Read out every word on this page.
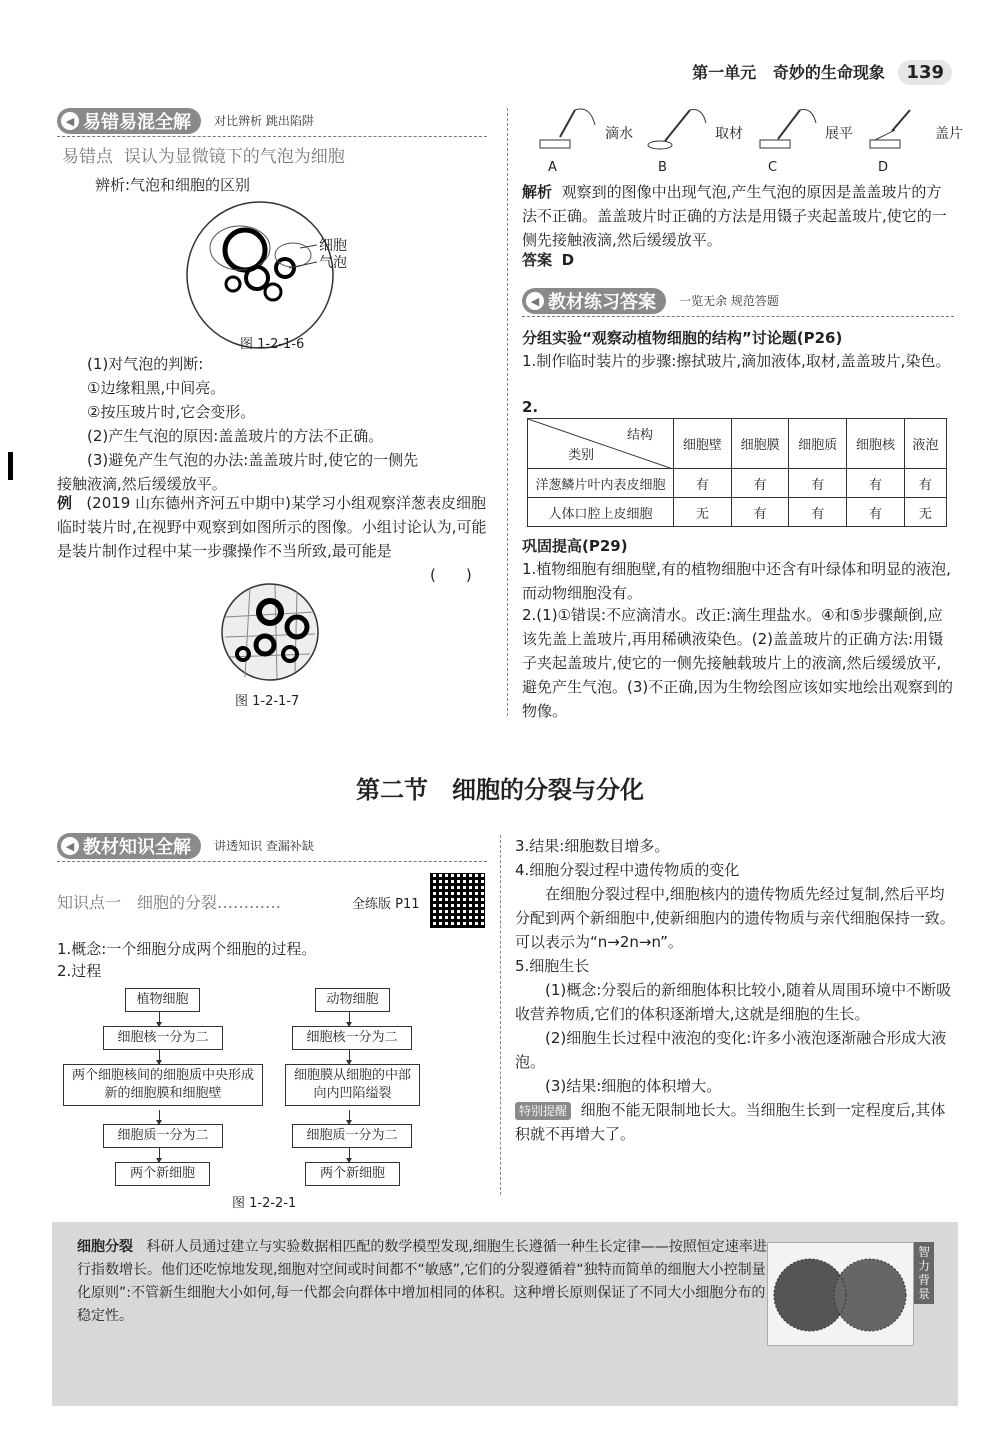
第一单元 奇妙的生命现象 139
◀ 易错易混全解 对比辨析 跳出陷阱
易错点 误认为显微镜下的气泡为细胞
辨析:气泡和细胞的区别
细胞
气泡
图 1-2-1-6
(1)对气泡的判断:
①边缘粗黑,中间亮。
②按压玻片时,它会变形。
(2)产生气泡的原因:盖盖玻片的方法不正确。
(3)避免产生气泡的办法:盖盖玻片时,使它的一侧先
接触液滴,然后缓缓放平。
例 (2019 山东德州齐河五中期中)某学习小组观察洋葱表皮细胞临时装片时,在视野中观察到如图所示的图像。小组讨论认为,可能是装片制作过程中某一步骤操作不当所致,最可能是
(　　)
图 1-2-1-7
滴水
A
取材
B
展平
C
盖片
D
解析 观察到的图像中出现气泡,产生气泡的原因是盖盖玻片的方法不正确。盖盖玻片时正确的方法是用镊子夹起盖玻片,使它的一侧先接触液滴,然后缓缓放平。
答案 D
◀ 教材练习答案 一览无余 规范答题
分组实验“观察动植物细胞的结构”讨论题(P26)
1.制作临时装片的步骤:擦拭玻片,滴加液体,取材,盖盖玻片,染色。
2.
结构
类别	细胞壁	细胞膜	细胞质	细胞核	液泡
洋葱鳞片叶内表皮细胞	有	有	有	有	有
人体口腔上皮细胞	无	有	有	有	无
巩固提高(P29)
1.植物细胞有细胞壁,有的植物细胞中还含有叶绿体和明显的液泡,而动物细胞没有。
2.(1)①错误:不应滴清水。改正:滴生理盐水。④和⑤步骤颠倒,应该先盖上盖玻片,再用稀碘液染色。(2)盖盖玻片的正确方法:用镊子夹起盖玻片,使它的一侧先接触载玻片上的液滴,然后缓缓放平,避免产生气泡。(3)不正确,因为生物绘图应该如实地绘出观察到的物像。
第二节　细胞的分裂与分化
◀ 教材知识全解 讲透知识 查漏补缺
知识点一　细胞的分裂…………	全练版 P11
1.概念:一个细胞分成两个细胞的过程。
2.过程
植物细胞
细胞核一分为二
两个细胞核间的细胞质中央形成新的细胞膜和细胞壁
细胞质一分为二
两个新细胞
动物细胞
细胞核一分为二
细胞膜从细胞的中部向内凹陷缢裂
细胞质一分为二
两个新细胞
图 1-2-2-1
3.结果:细胞数目增多。
4.细胞分裂过程中遗传物质的变化
在细胞分裂过程中,细胞核内的遗传物质先经过复制,然后平均分配到两个新细胞中,使新细胞内的遗传物质与亲代细胞保持一致。可以表示为“n→2n→n”。
5.细胞生长
(1)概念:分裂后的新细胞体积比较小,随着从周围环境中不断吸收营养物质,它们的体积逐渐增大,这就是细胞的生长。
(2)细胞生长过程中液泡的变化:许多小液泡逐渐融合形成大液泡。
(3)结果:细胞的体积增大。
特别提醒 细胞不能无限制地长大。当细胞生长到一定程度后,其体积就不再增大了。
细胞分裂 科研人员通过建立与实验数据相匹配的数学模型发现,细胞生长遵循一种生长定律——按照恒定速率进行指数增长。他们还吃惊地发现,细胞对空间或时间都不“敏感”,它们的分裂遵循着“独特而简单的细胞大小控制量化原则”:不管新生细胞大小如何,每一代都会向群体中增加相同的体积。这种增长原则保证了不同大小细胞分布的稳定性。
智力背景
